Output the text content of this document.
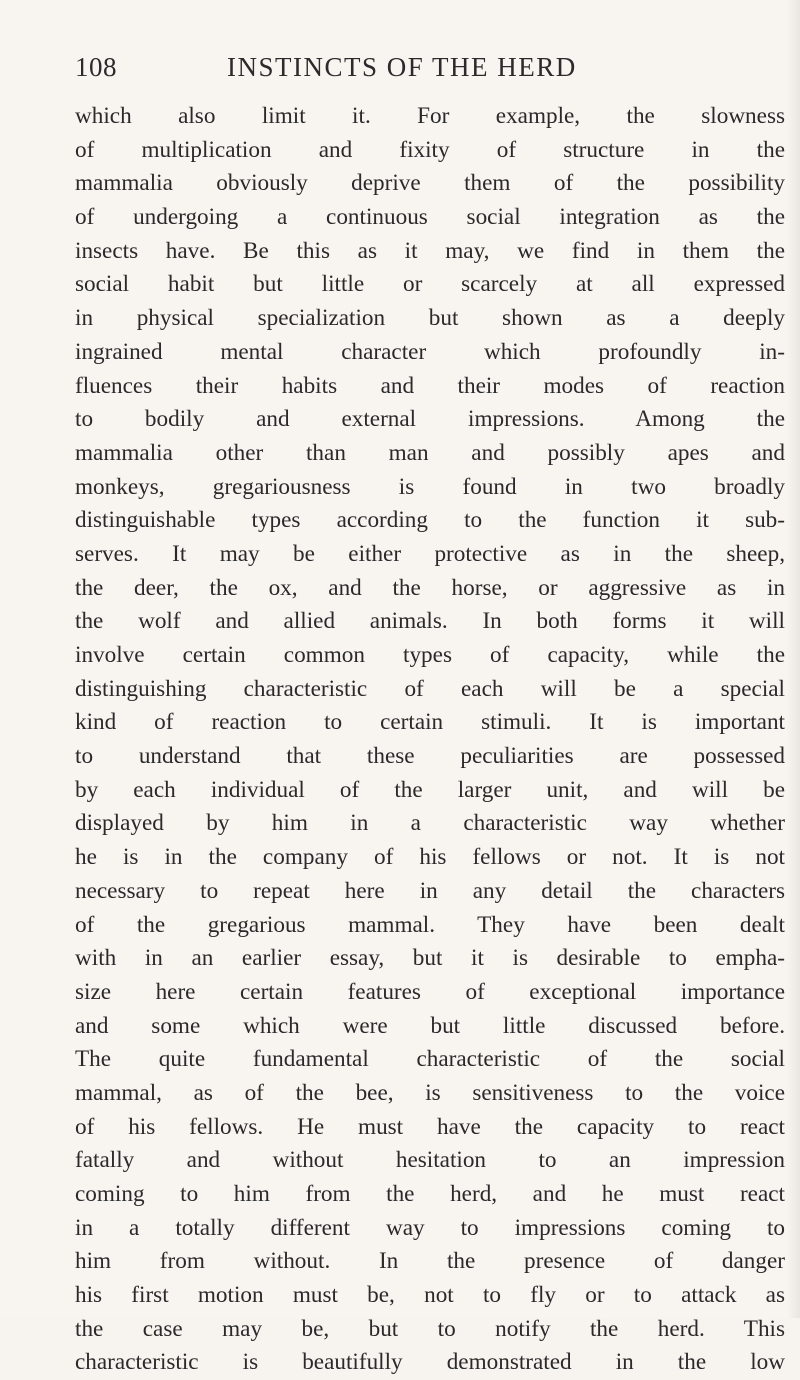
108	INSTINCTS OF THE HERD
which also limit it. For example, the slowness
of multiplication and fixity of structure in the
mammalia obviously deprive them of the possibility
of undergoing a continuous social integration as the
insects have. Be this as it may, we find in them the
social habit but little or scarcely at all expressed
in physical specialization but shown as a deeply
ingrained mental character which profoundly in-
fluences their habits and their modes of reaction
to bodily and external impressions. Among the
mammalia other than man and possibly apes and
monkeys, gregariousness is found in two broadly
distinguishable types according to the function it sub-
serves. It may be either protective as in the sheep,
the deer, the ox, and the horse, or aggressive as in
the wolf and allied animals. In both forms it will
involve certain common types of capacity, while the
distinguishing characteristic of each will be a special
kind of reaction to certain stimuli. It is important
to understand that these peculiarities are possessed
by each individual of the larger unit, and will be
displayed by him in a characteristic way whether
he is in the company of his fellows or not. It is not
necessary to repeat here in any detail the characters
of the gregarious mammal. They have been dealt
with in an earlier essay, but it is desirable to empha-
size here certain features of exceptional importance
and some which were but little discussed before.
The quite fundamental characteristic of the social
mammal, as of the bee, is sensitiveness to the voice
of his fellows. He must have the capacity to react
fatally and without hesitation to an impression
coming to him from the herd, and he must react
in a totally different way to impressions coming to
him from without. In the presence of danger
his first motion must be, not to fly or to attack as
the case may be, but to notify the herd. This
characteristic is beautifully demonstrated in the low
